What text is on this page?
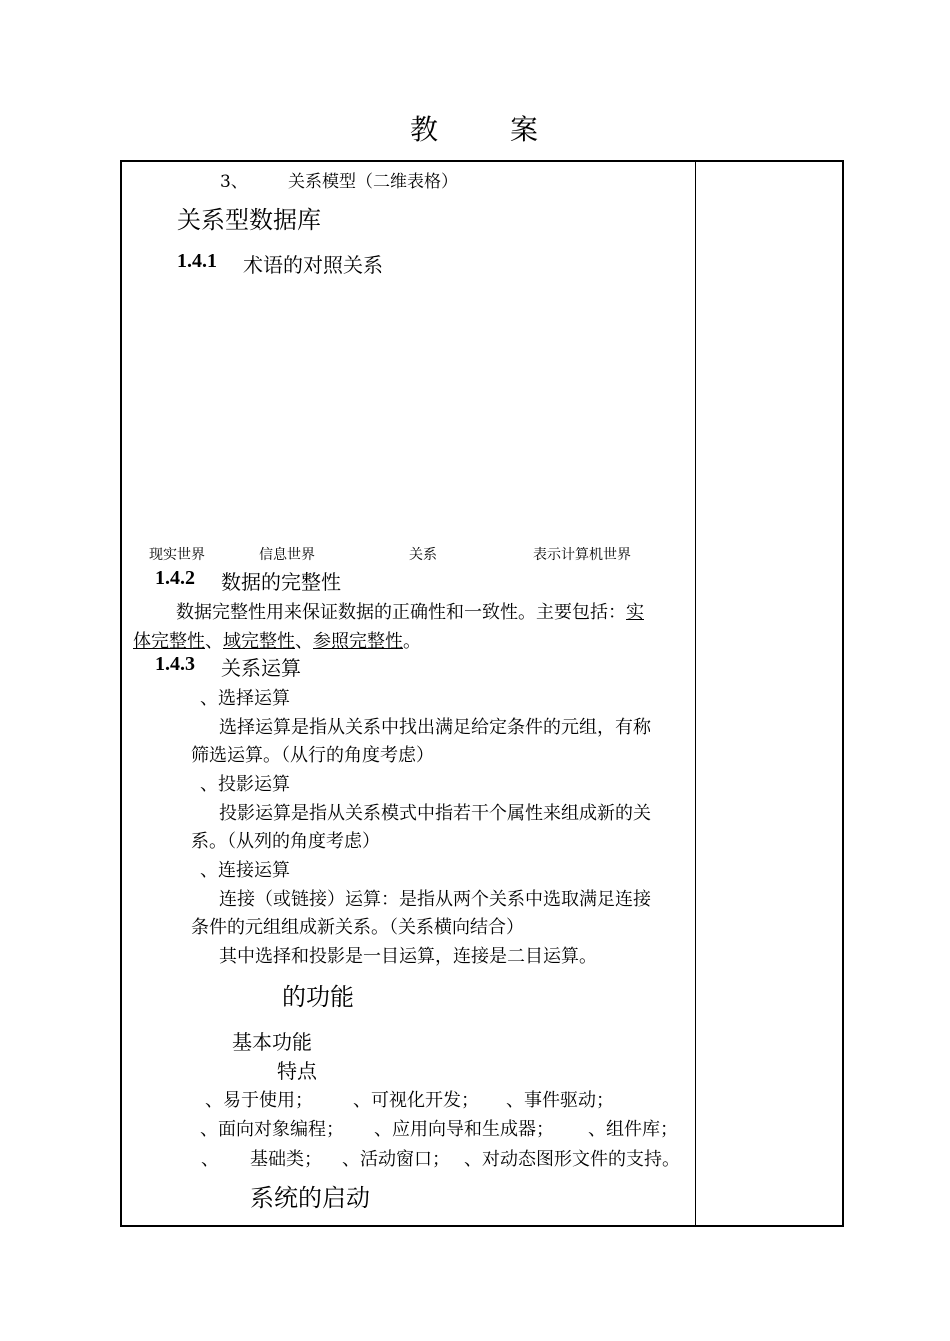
教	案
3、 关系模型（二维表格）
关系型数据库
1.4.1 术语的对照关系
现实世界	信息世界	关系	表示计算机世界
1.4.2 数据的完整性
数据完整性用来保证数据的正确性和一致性。主要包括：实
体完整性、域完整性、参照完整性。
1.4.3 关系运算
、选择运算
选择运算是指从关系中找出满足给定条件的元组，有称
筛选运算。（从行的角度考虑）
、投影运算
投影运算是指从关系模式中指若干个属性来组成新的关
系。（从列的角度考虑）
、连接运算
连接（或链接）运算：是指从两个关系中选取满足连接
条件的元组组成新关系。（关系横向结合）
其中选择和投影是一目运算，连接是二目运算。
的功能
基本功能
特点
、易于使用； 、可视化开发； 、事件驱动；
、面向对象编程； 、应用向导和生成器； 、组件库；
、 基础类； 、活动窗口； 、对动态图形文件的支持。
系统的启动
